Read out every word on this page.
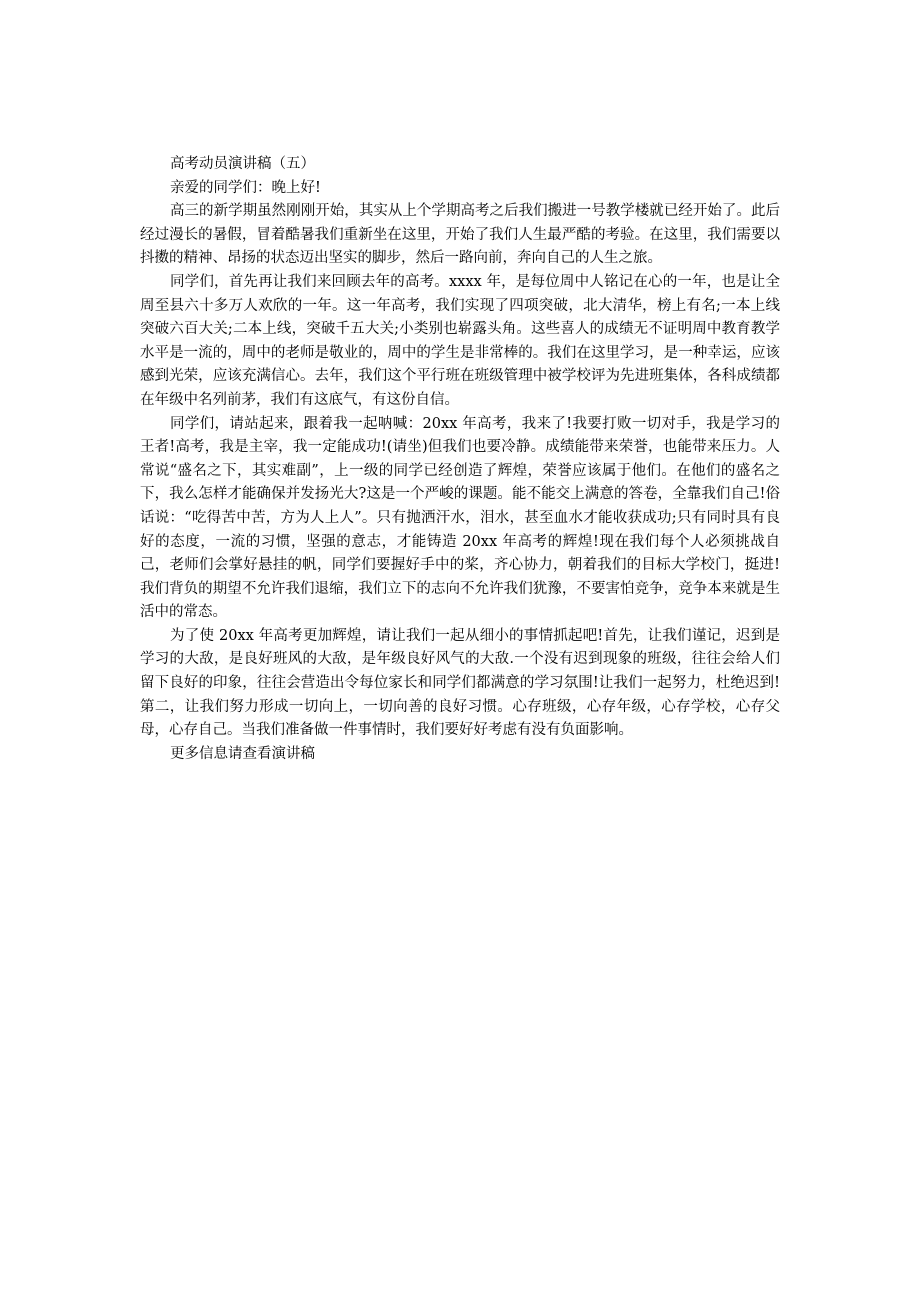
高考动员演讲稿（五）

亲爱的同学们：晚上好!

高三的新学期虽然刚刚开始，其实从上个学期高考之后我们搬进一号教学楼就已经开始了。此后经过漫长的暑假，冒着酷暑我们重新坐在这里，开始了我们人生最严酷的考验。在这里，我们需要以抖擞的精神、昂扬的状态迈出坚实的脚步，然后一路向前，奔向自己的人生之旅。

同学们，首先再让我们来回顾去年的高考。xxxx 年，是每位周中人铭记在心的一年，也是让全周至县六十多万人欢欣的一年。这一年高考，我们实现了四项突破，北大清华，榜上有名;一本上线突破六百大关;二本上线，突破千五大关;小类别也崭露头角。这些喜人的成绩无不证明周中教育教学水平是一流的，周中的老师是敬业的，周中的学生是非常棒的。我们在这里学习，是一种幸运，应该感到光荣，应该充满信心。去年，我们这个平行班在班级管理中被学校评为先进班集体，各科成绩都在年级中名列前茅，我们有这底气，有这份自信。

同学们，请站起来，跟着我一起呐喊：20xx 年高考，我来了!我要打败一切对手，我是学习的王者!高考，我是主宰，我一定能成功!(请坐)但我们也要冷静。成绩能带来荣誉，也能带来压力。人常说“盛名之下，其实难副”，上一级的同学已经创造了辉煌，荣誉应该属于他们。在他们的盛名之下，我么怎样才能确保并发扬光大?这是一个严峻的课题。能不能交上满意的答卷，全靠我们自己!俗话说：“吃得苦中苦，方为人上人”。只有抛洒汗水，泪水，甚至血水才能收获成功;只有同时具有良好的态度，一流的习惯，坚强的意志，才能铸造 20xx 年高考的辉煌!现在我们每个人必须挑战自己，老师们会掌好悬挂的帆，同学们要握好手中的桨，齐心协力，朝着我们的目标大学校门，挺进!我们背负的期望不允许我们退缩，我们立下的志向不允许我们犹豫，不要害怕竞争，竞争本来就是生活中的常态。

为了使 20xx 年高考更加辉煌，请让我们一起从细小的事情抓起吧!首先，让我们谨记，迟到是学习的大敌，是良好班风的大敌，是年级良好风气的大敌.一个没有迟到现象的班级，往往会给人们留下良好的印象，往往会营造出令每位家长和同学们都满意的学习氛围!让我们一起努力，杜绝迟到!第二，让我们努力形成一切向上，一切向善的良好习惯。心存班级，心存年级，心存学校，心存父母，心存自己。当我们准备做一件事情时，我们要好好考虑有没有负面影响。

更多信息请查看演讲稿
